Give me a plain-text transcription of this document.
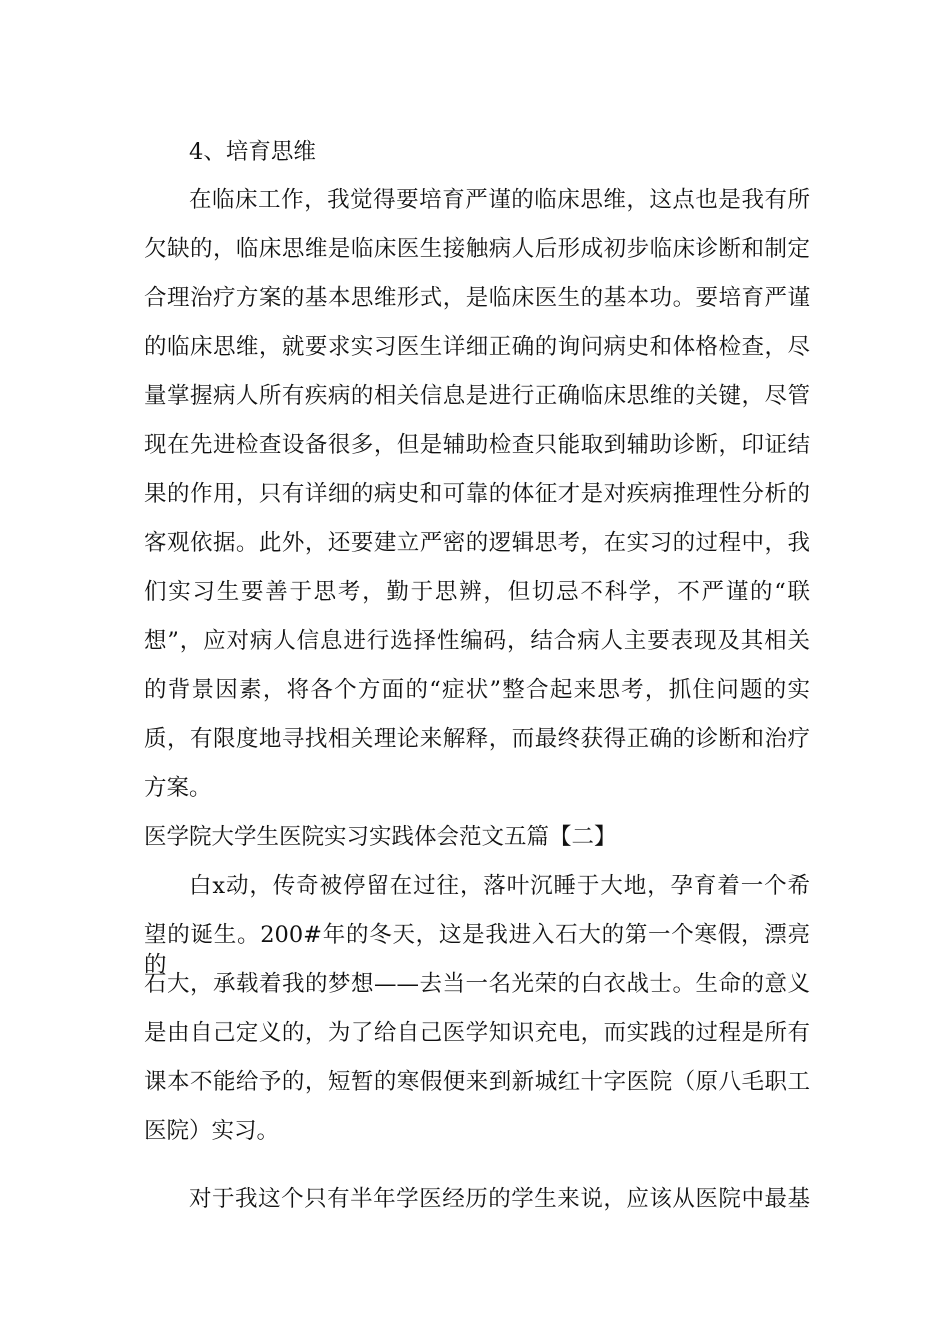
4、培育思维
在临床工作，我觉得要培育严谨的临床思维，这点也是我有所
欠缺的，临床思维是临床医生接触病人后形成初步临床诊断和制定
合理治疗方案的基本思维形式，是临床医生的基本功。要培育严谨
的临床思维，就要求实习医生详细正确的询问病史和体格检查，尽
量掌握病人所有疾病的相关信息是进行正确临床思维的关键，尽管
现在先进检查设备很多，但是辅助检查只能取到辅助诊断，印证结
果的作用，只有详细的病史和可靠的体征才是对疾病推理性分析的
客观依据。此外，还要建立严密的逻辑思考，在实习的过程中，我
们实习生要善于思考，勤于思辨，但切忌不科学，不严谨的“联
想”，应对病人信息进行选择性编码，结合病人主要表现及其相关
的背景因素，将各个方面的“症状”整合起来思考，抓住问题的实
质，有限度地寻找相关理论来解释，而最终获得正确的诊断和治疗
方案。
医学院大学生医院实习实践体会范文五篇【二】
白x动，传奇被停留在过往，落叶沉睡于大地，孕育着一个希
望的诞生。200#年的冬天，这是我进入石大的第一个寒假，漂亮的
石大，承载着我的梦想——去当一名光荣的白衣战士。生命的意义
是由自己定义的，为了给自己医学知识充电，而实践的过程是所有
课本不能给予的，短暂的寒假便来到新城红十字医院（原八毛职工
医院）实习。
对于我这个只有半年学医经历的学生来说，应该从医院中最基
